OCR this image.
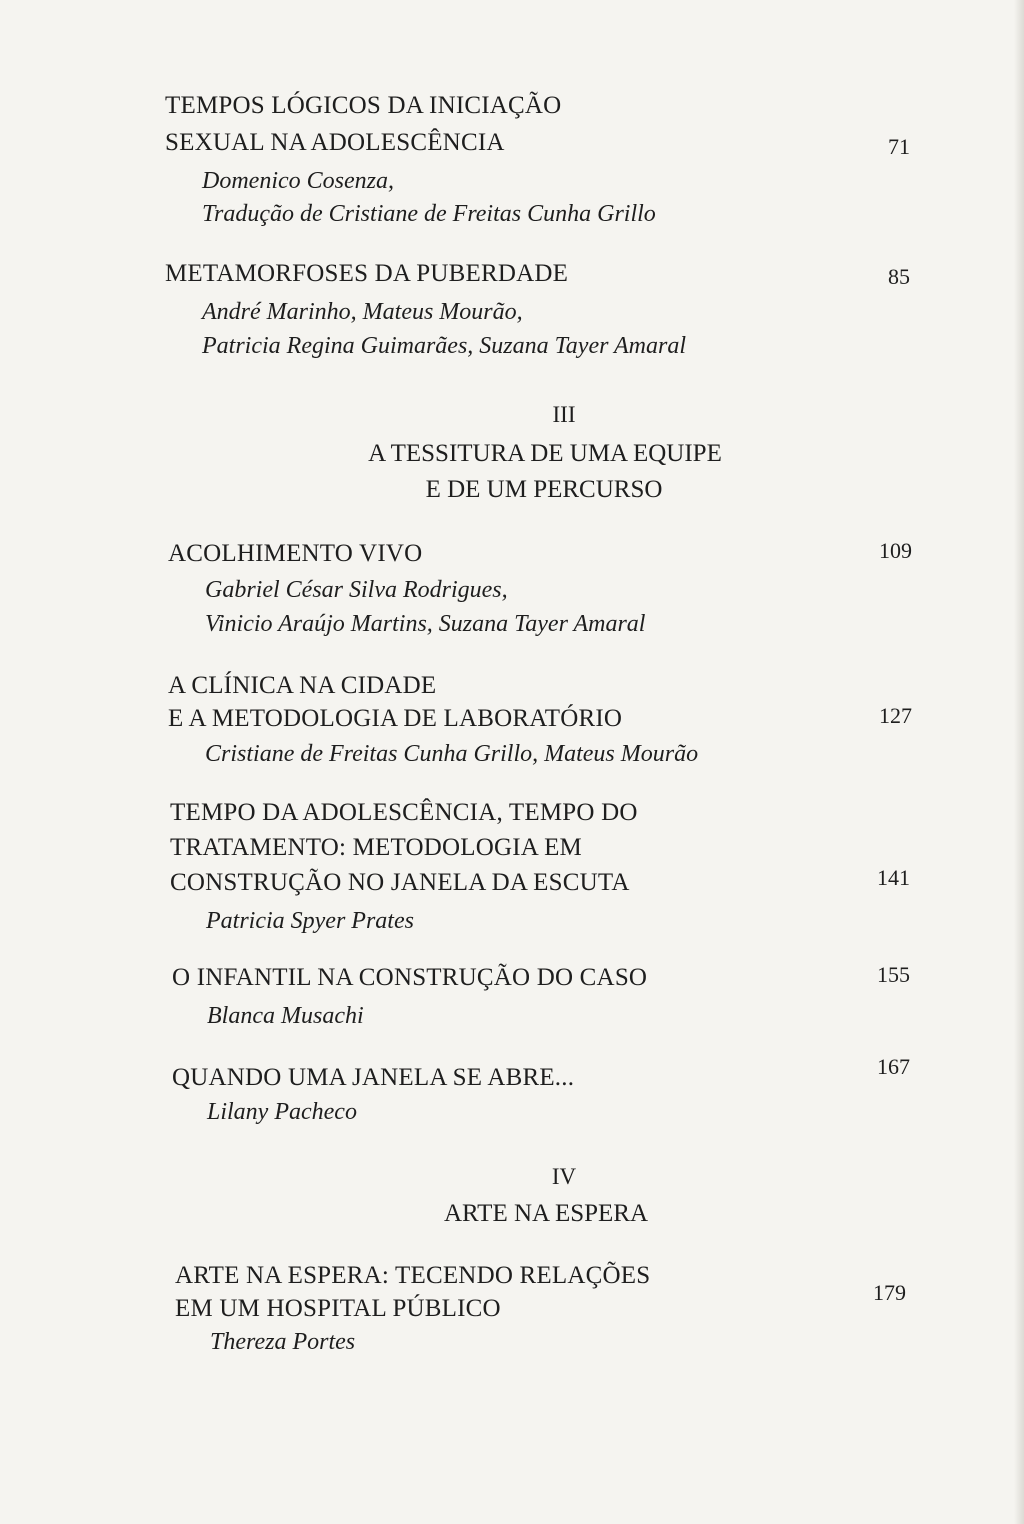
TEMPOS LÓGICOS DA INICIAÇÃO
SEXUAL NA ADOLESCÊNCIA
Domenico Cosenza,
Tradução de Cristiane de Freitas Cunha Grillo
71
METAMORFOSES DA PUBERDADE
André Marinho, Mateus Mourão,
Patricia Regina Guimarães, Suzana Tayer Amaral
85
III
A TESSITURA DE UMA EQUIPE
E DE UM PERCURSO
ACOLHIMENTO VIVO
Gabriel César Silva Rodrigues,
Vinicio Araújo Martins, Suzana Tayer Amaral
109
A CLÍNICA NA CIDADE
E A METODOLOGIA DE LABORATÓRIO
Cristiane de Freitas Cunha Grillo, Mateus Mourão
127
TEMPO DA ADOLESCÊNCIA, TEMPO DO
TRATAMENTO: METODOLOGIA EM
CONSTRUÇÃO NO JANELA DA ESCUTA
Patricia Spyer Prates
141
O INFANTIL NA CONSTRUÇÃO DO CASO
Blanca Musachi
155
QUANDO UMA JANELA SE ABRE...
Lilany Pacheco
167
IV
ARTE NA ESPERA
ARTE NA ESPERA: TECENDO RELAÇÕES
EM UM HOSPITAL PÚBLICO
Thereza Portes
179
